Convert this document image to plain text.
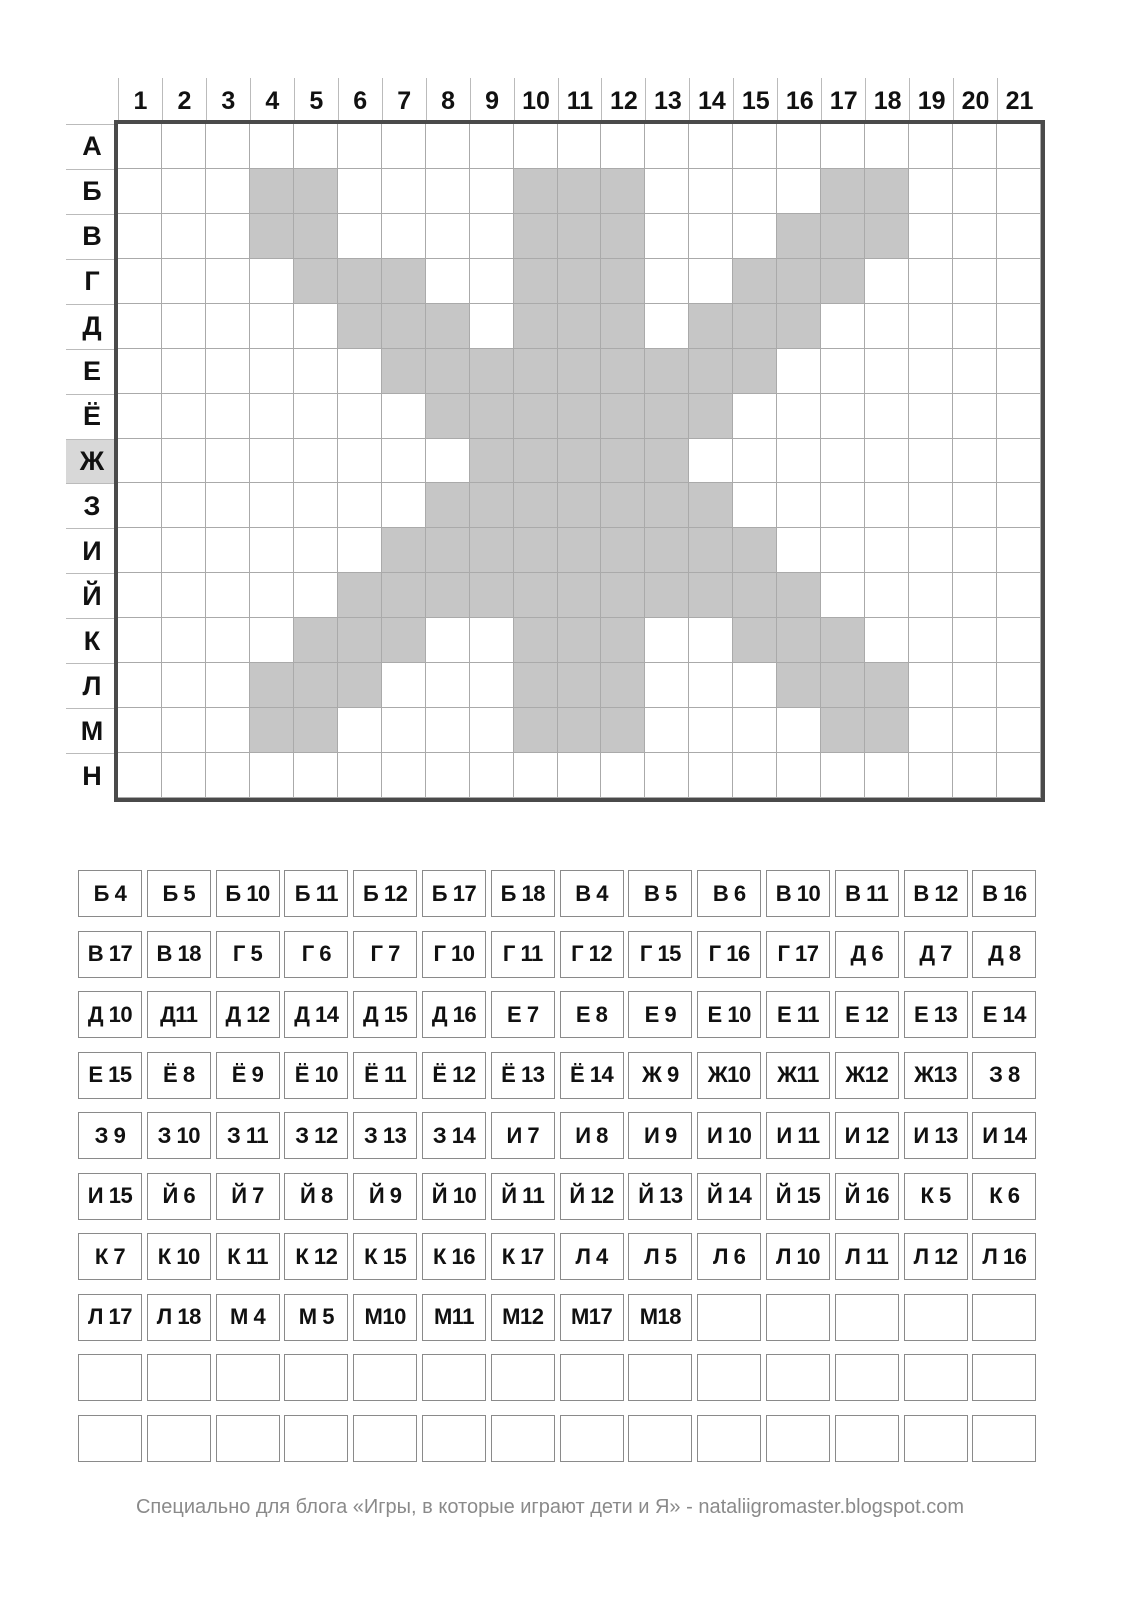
1	2	3	4	5	6	7	8	9 10 11 12 13 14 15 16 17 18 19 20 21
А
Б
В
Г
Д
Е
Ё
Ж
З
И
Й
К
Л
М
Н
Б 4	Б 5	Б 10	Б 11	Б 12	Б 17	Б 18	В 4	В 5	В 6	В 10	В 11	В 12	В 16
В 17	В 18	Г 5	Г 6	Г 7	Г 10	Г 11	Г 12	Г 15	Г 16	Г 17	Д 6	Д 7	Д 8
Д 10	Д11	Д 12	Д 14	Д 15	Д 16	Е 7	Е 8	Е 9	Е 10	Е 11	Е 12	Е 13	Е 14
Е 15	Ё 8	Ё 9	Ё 10	Ё 11	Ё 12	Ё 13	Ё 14	Ж 9	Ж10	Ж11	Ж12	Ж13	З 8
З 9	З 10	З 11	З 12	З 13	З 14	И 7	И 8	И 9	И 10	И 11	И 12	И 13	И 14
И 15	Й 6	Й 7	Й 8	Й 9	Й 10	Й 11	Й 12	Й 13	Й 14	Й 15	Й 16	К 5	К 6
К 7	К 10	К 11	К 12	К 15	К 16	К 17	Л 4	Л 5	Л 6	Л 10	Л 11	Л 12	Л 16
Л 17	Л 18	М 4	М 5	М10	М11	М12	М17	М18
Специально для блога «Игры, в которые играют дети и Я» - nataliigromaster.blogspot.com
